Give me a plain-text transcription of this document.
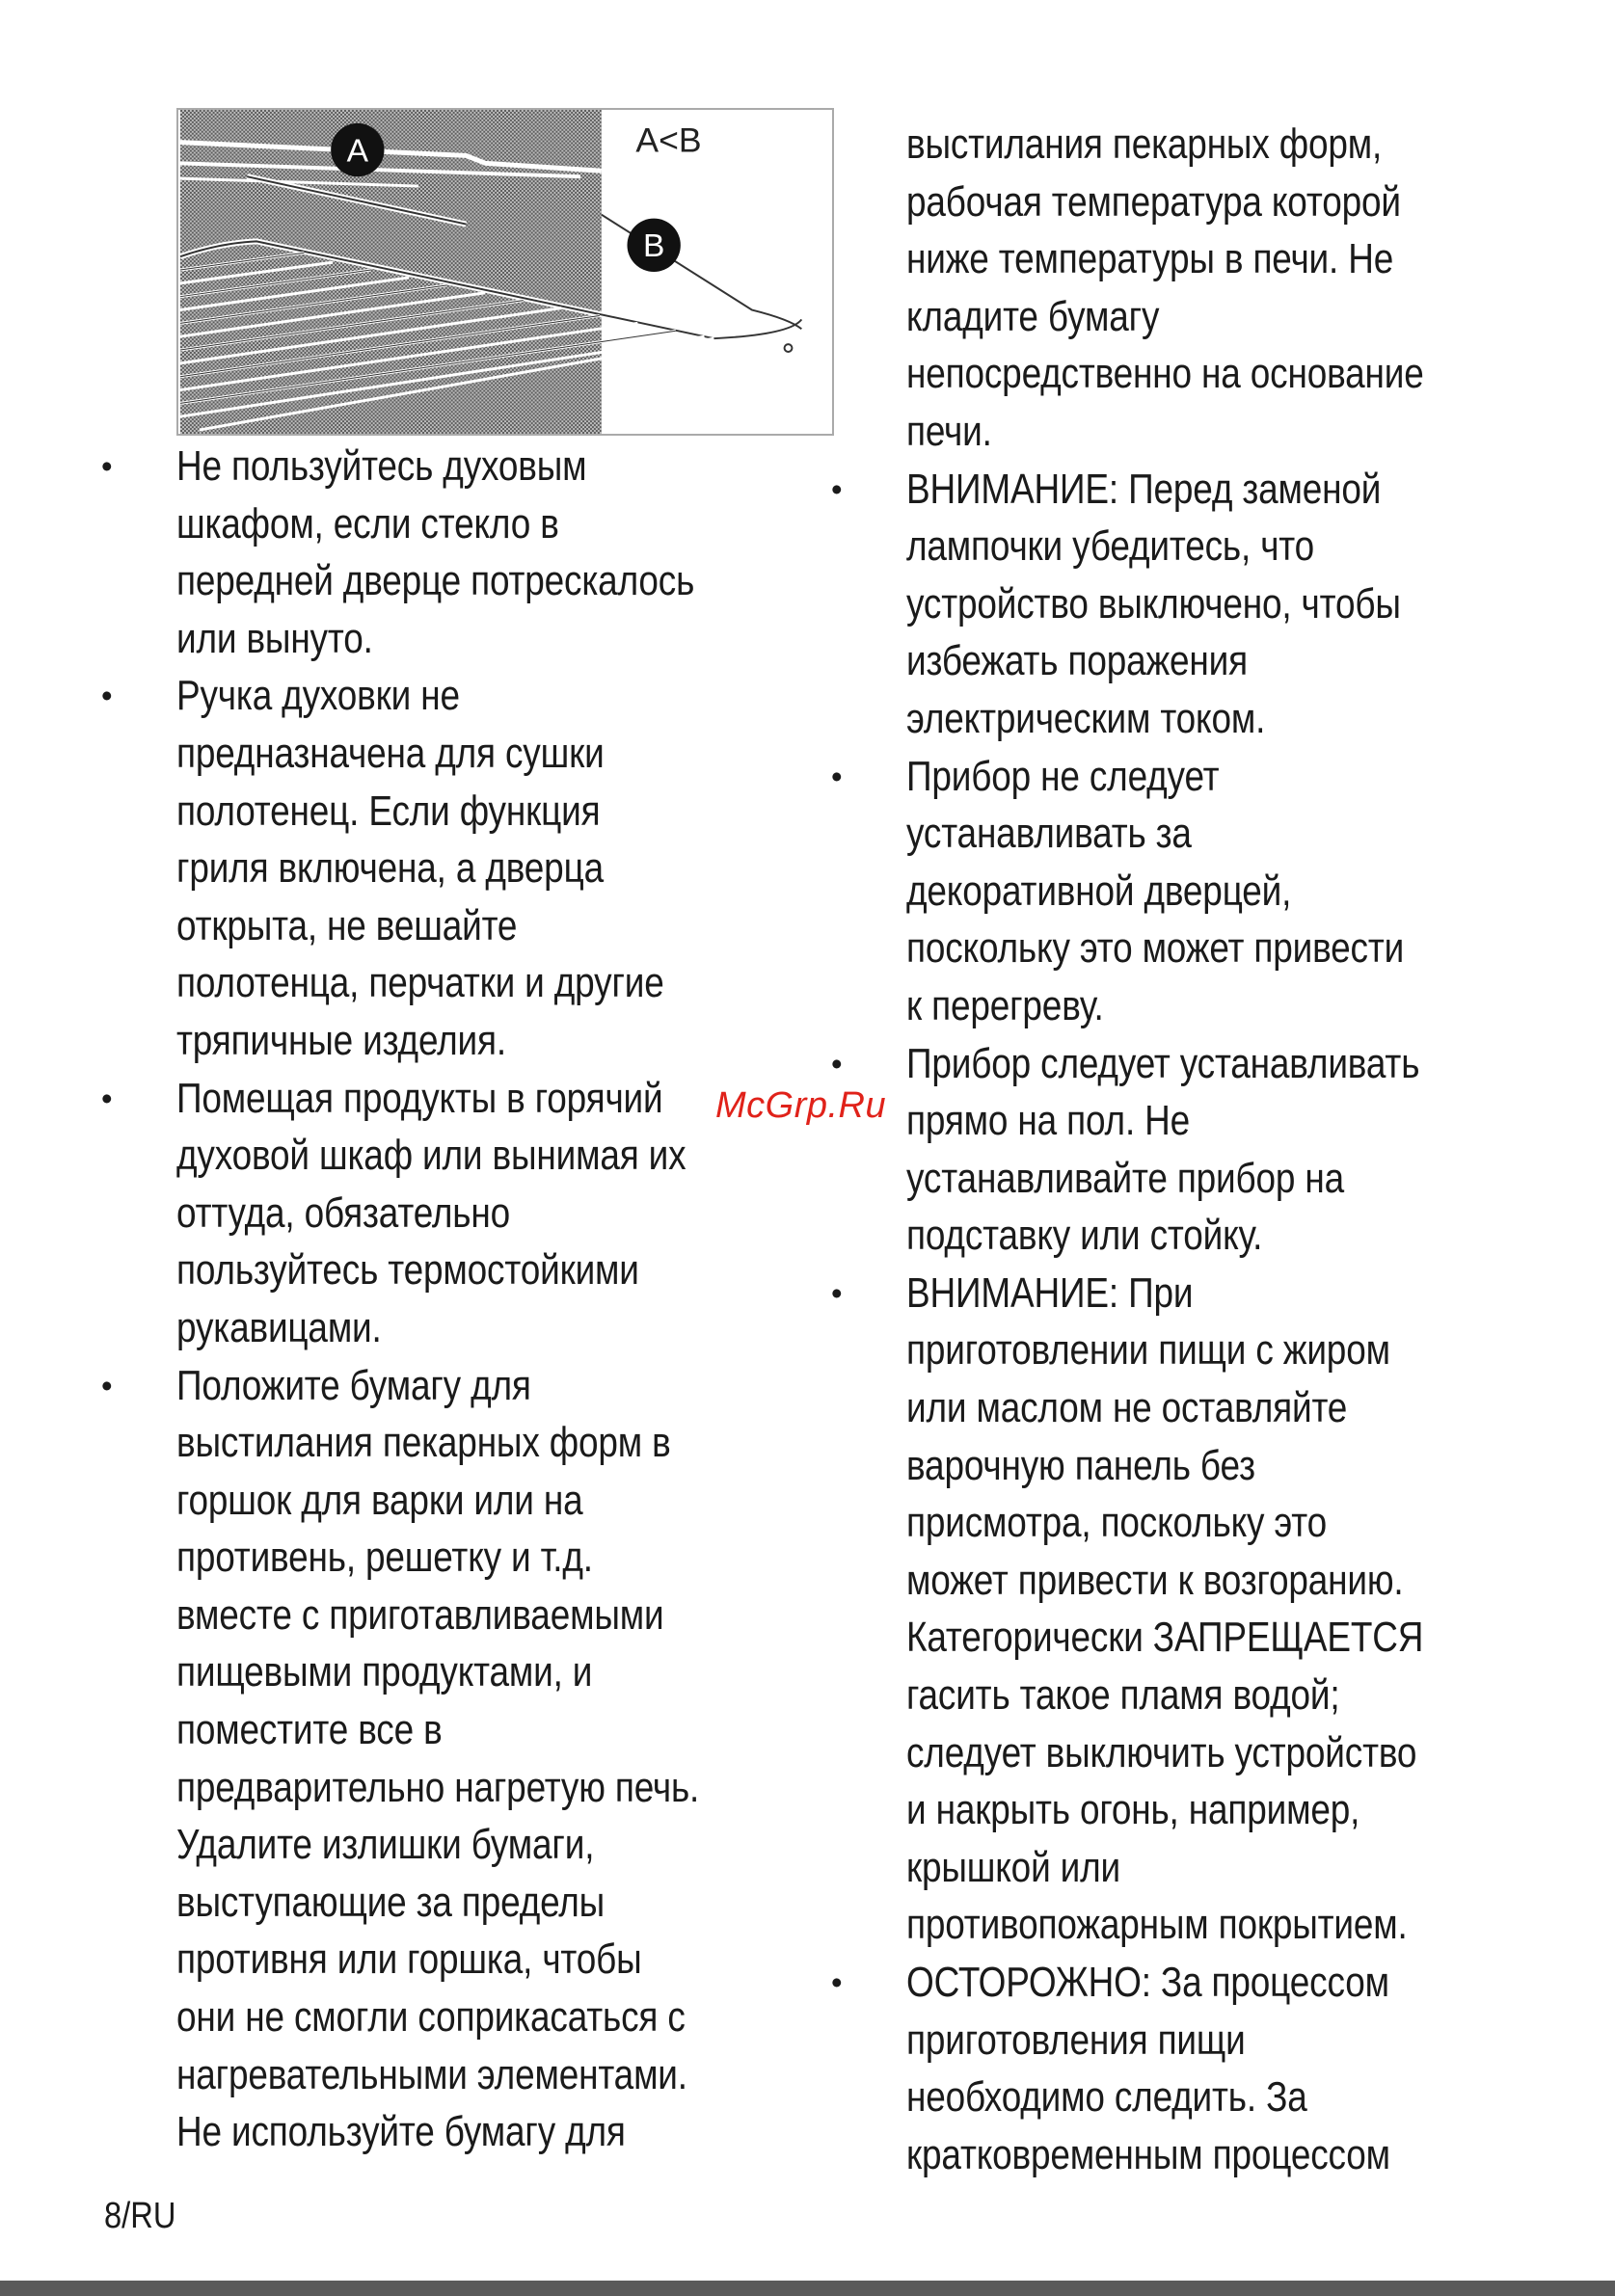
A
B
A<B
• Не пользуйтесь духовым
шкафом, если стекло в
передней дверце потрескалось
или вынуто.
• Ручка духовки не
предназначена для сушки
полотенец. Если функция
гриля включена, а дверца
открыта, не вешайте
полотенца, перчатки и другие
тряпичные изделия.
• Помещая продукты в горячий
духовой шкаф или вынимая их
оттуда, обязательно
пользуйтесь термостойкими
рукавицами.
• Положите бумагу для
выстилания пекарных форм в
горшок для варки или на
противень, решетку и т.д.
вместе с приготавливаемыми
пищевыми продуктами, и
поместите все в
предварительно нагретую печь.
Удалите излишки бумаги,
выступающие за пределы
противня или горшка, чтобы
они не смогли соприкасаться с
нагревательными элементами.
Не используйте бумагу для
выстилания пекарных форм,
рабочая температура которой
ниже температуры в печи. Не
кладите бумагу
непосредственно на основание
печи.
• ВНИМАНИЕ: Перед заменой
лампочки убедитесь, что
устройство выключено, чтобы
избежать поражения
электрическим током.
• Прибор не следует
устанавливать за
декоративной дверцей,
поскольку это может привести
к перегреву.
• Прибор следует устанавливать
прямо на пол. Не
устанавливайте прибор на
подставку или стойку.
• ВНИМАНИЕ: При
приготовлении пищи с жиром
или маслом не оставляйте
варочную панель без
присмотра, поскольку это
может привести к возгоранию.
Категорически ЗАПРЕЩАЕТСЯ
гасить такое пламя водой;
следует выключить устройство
и накрыть огонь, например,
крышкой или
противопожарным покрытием.
• ОСТОРОЖНО: За процессом
приготовления пищи
необходимо следить. За
кратковременным процессом
McGrp.Ru
8/RU
